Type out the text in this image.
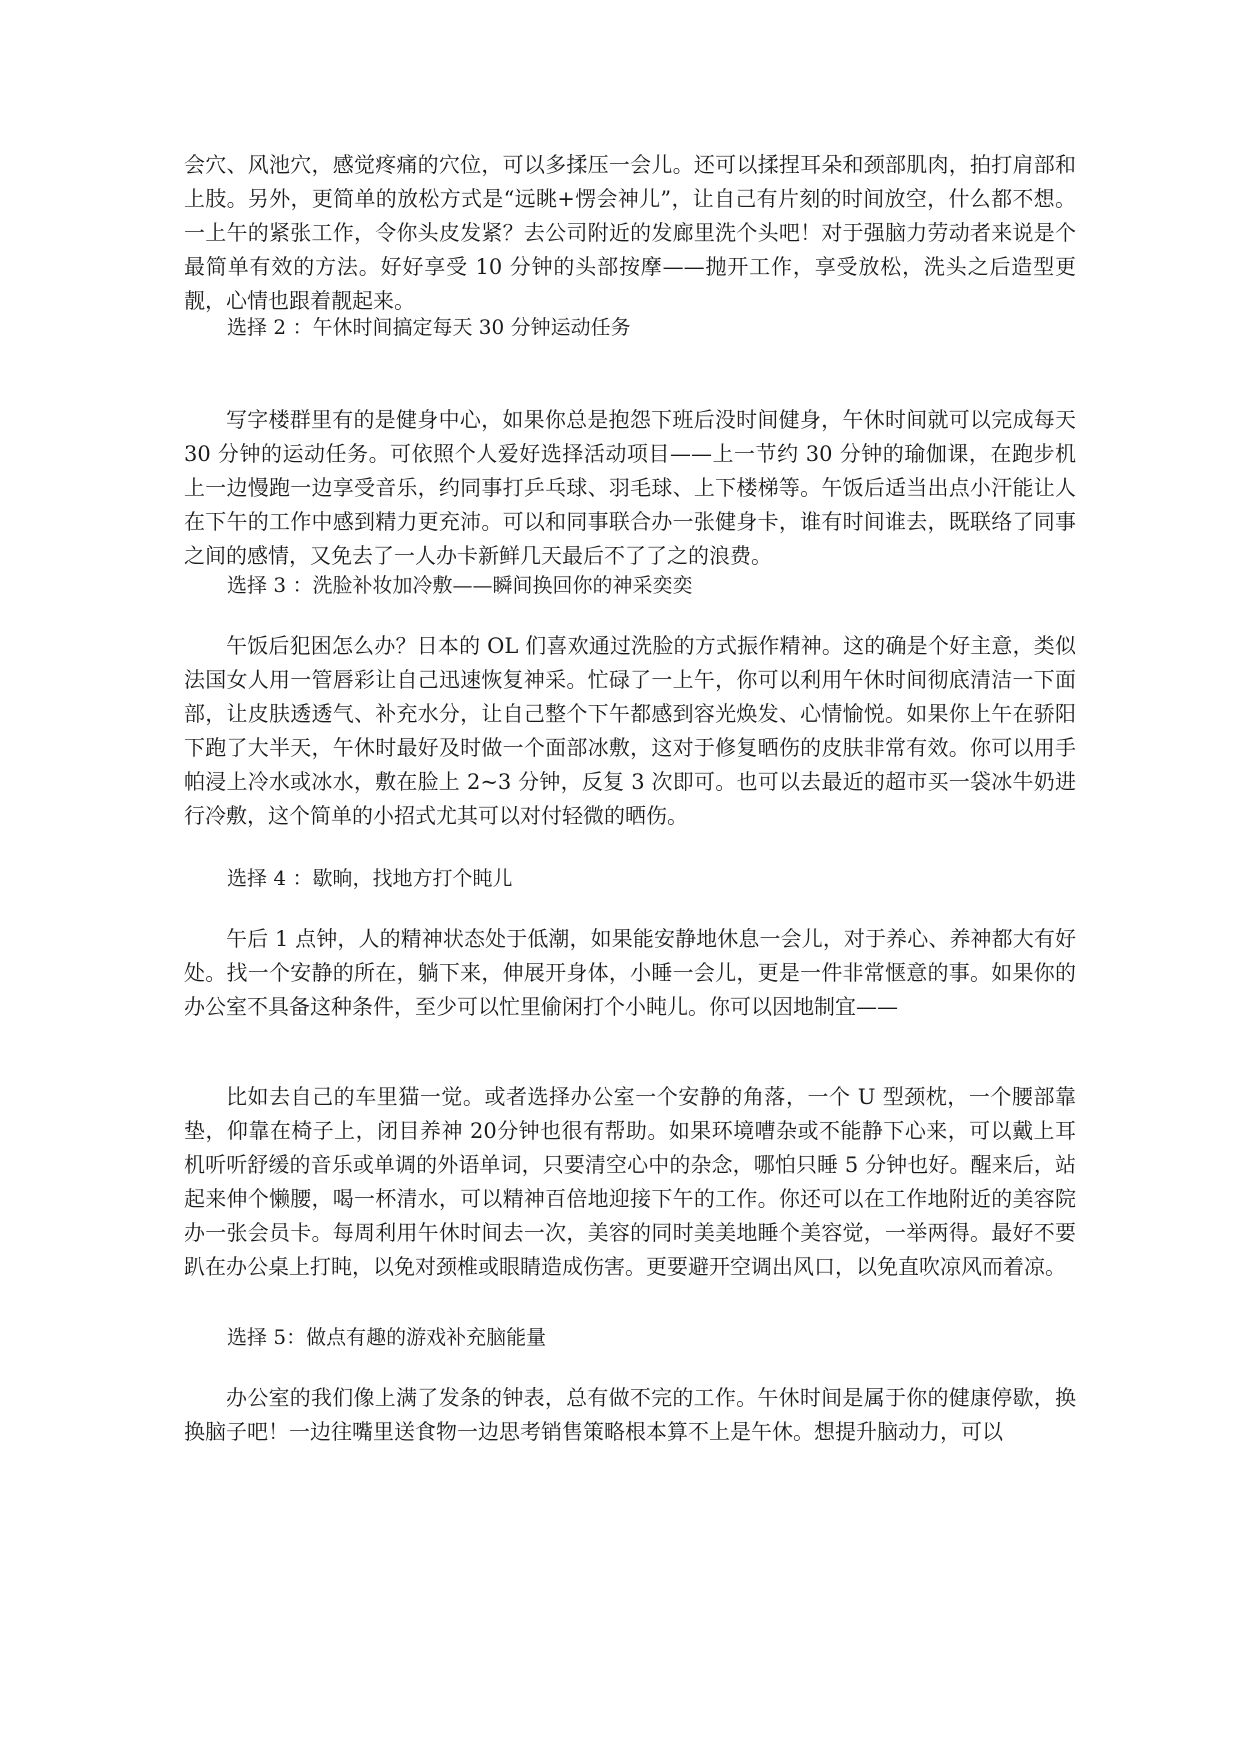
会穴、风池穴，感觉疼痛的穴位，可以多揉压一会儿。还可以揉捏耳朵和颈部肌肉，拍打肩部和上肢。另外，更简单的放松方式是“远眺+愣会神儿”，让自己有片刻的时间放空，什么都不想。一上午的紧张工作，令你头皮发紧？去公司附近的发廊里洗个头吧！对于强脑力劳动者来说是个最简单有效的方法。好好享受 10 分钟的头部按摩——抛开工作，享受放松，洗头之后造型更靓，心情也跟着靓起来。

选择 2 ：午休时间搞定每天 30 分钟运动任务

写字楼群里有的是健身中心，如果你总是抱怨下班后没时间健身，午休时间就可以完成每天 30 分钟的运动任务。可依照个人爱好选择活动项目——上一节约 30 分钟的瑜伽课，在跑步机上一边慢跑一边享受音乐，约同事打乒乓球、羽毛球、上下楼梯等。午饭后适当出点小汗能让人在下午的工作中感到精力更充沛。可以和同事联合办一张健身卡，谁有时间谁去，既联络了同事之间的感情，又免去了一人办卡新鲜几天最后不了了之的浪费。

选择 3 ：洗脸补妆加冷敷——瞬间换回你的神采奕奕

午饭后犯困怎么办？日本的 OL 们喜欢通过洗脸的方式振作精神。这的确是个好主意，类似法国女人用一管唇彩让自己迅速恢复神采。忙碌了一上午，你可以利用午休时间彻底清洁一下面部，让皮肤透透气、补充水分，让自己整个下午都感到容光焕发、心情愉悦。如果你上午在骄阳下跑了大半天，午休时最好及时做一个面部冰敷，这对于修复晒伤的皮肤非常有效。你可以用手帕浸上冷水或冰水，敷在脸上 2~3 分钟，反复 3 次即可。也可以去最近的超市买一袋冰牛奶进行冷敷，这个简单的小招式尤其可以对付轻微的晒伤。

选择 4 ：歇晌，找地方打个盹儿

午后 1 点钟，人的精神状态处于低潮，如果能安静地休息一会儿，对于养心、养神都大有好处。找一个安静的所在，躺下来，伸展开身体，小睡一会儿，更是一件非常惬意的事。如果你的办公室不具备这种条件，至少可以忙里偷闲打个小盹儿。你可以因地制宜——

比如去自己的车里猫一觉。或者选择办公室一个安静的角落，一个 U 型颈枕，一个腰部靠垫，仰靠在椅子上，闭目养神 20分钟也很有帮助。如果环境嘈杂或不能静下心来，可以戴上耳机听听舒缓的音乐或单调的外语单词，只要清空心中的杂念，哪怕只睡 5 分钟也好。醒来后，站起来伸个懒腰，喝一杯清水，可以精神百倍地迎接下午的工作。你还可以在工作地附近的美容院办一张会员卡。每周利用午休时间去一次，美容的同时美美地睡个美容觉，一举两得。最好不要趴在办公桌上打盹，以免对颈椎或眼睛造成伤害。更要避开空调出风口，以免直吹凉风而着凉。

选择 5：做点有趣的游戏补充脑能量

办公室的我们像上满了发条的钟表，总有做不完的工作。午休时间是属于你的健康停歇，换换脑子吧！一边往嘴里送食物一边思考销售策略根本算不上是午休。想提升脑动力，可以
